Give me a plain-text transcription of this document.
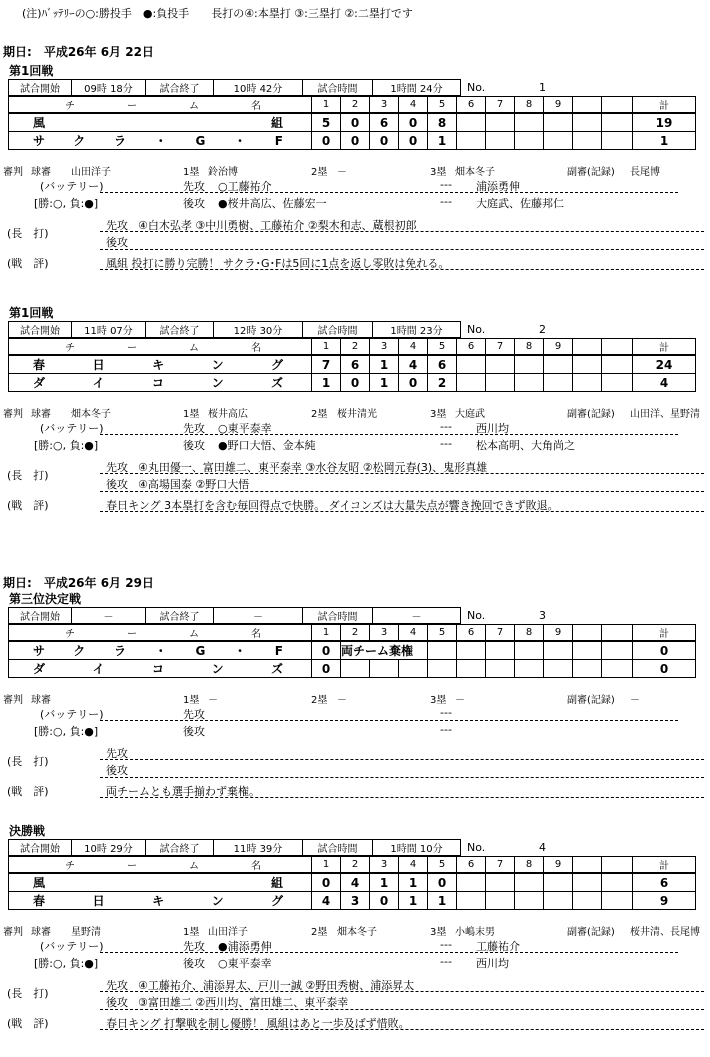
(注)ﾊﾞｯﾃﾘｰの○:勝投手　●:負投手　　長打の④:本塁打 ③:三塁打 ②:二塁打です
期日: 平成26年 6月 22日
期日: 平成26年 6月 29日
第1回戦
試合開始	09時 18分	試合終了	10時 42分	試合時間	1時間 24分	No.	1
チ ー ム 名	1	2	3	4	5	6	7	8	9			計
風 組	5	0	6	0	8							19
サクラ・G・F	0	0	0	0	1							1
審判 球審 山田洋子	1塁 鈴治博	2塁 －	3塁 畑本冬子	副審(記録) 長尾博
(バッテリー)	先攻 ○工藤祐介	--- 浦添勇伸
[勝:○, 負:●]	後攻 ●桜井高広、佐藤宏一	--- 大庭武、佐藤邦仁
(長　打)
先攻 ④白木弘孝 ③中川勇樹、工藤祐介 ②梨木和志、蔵根初郎
後攻
(戦　評)	風組 投打に勝り完勝！ サクラ･G･Fは5回に1点を返し零敗は免れる。
第1回戦
試合開始	11時 07分	試合終了	12時 30分	試合時間	1時間 23分	No.	2
チ ー ム 名	1	2	3	4	5	6	7	8	9			計
春日キング	7	6	1	4	6							24
ダイコンズ	1	0	1	0	2							4
審判 球審 畑本冬子	1塁 桜井高広	2塁 桜井清光	3塁 大庭武	副審(記録) 山田洋、星野清
(バッテリー)	先攻 ○東平泰幸	--- 西川均
[勝:○, 負:●]	後攻 ●野口大悟、金本純	--- 松本高明、大角尚之
(長　打)
先攻 ④丸田優一、富田雄二、東平泰幸 ③水谷友昭 ②松岡元春(3)、鬼形真雄
後攻 ④高場国泰 ②野口大悟
(戦　評)	春日キング 3本塁打を含む毎回得点で快勝。 ダイコンズは大量失点が響き挽回できず敗退。
第三位決定戦
試合開始	－	試合終了	－	試合時間	－	No.	3
チ ー ム 名	1	2	3	4	5	6	7	8	9			計
サクラ・G・F	0	両チーム棄権										0
ダイコンズ	0											0
審判 球審	1塁 －	2塁 －	3塁 －	副審(記録) －
(バッテリー)	先攻	---
[勝:○, 負:●]	後攻	---
(長　打)
先攻
後攻
(戦　評)	両チームとも選手揃わず棄権。
決勝戦
試合開始	10時 29分	試合終了	11時 39分	試合時間	1時間 10分	No.	4
チ ー ム 名	1	2	3	4	5	6	7	8	9			計
風 組	0	4	1	1	0							6
春日キング	4	3	0	1	1							9
審判 球審 星野清	1塁 山田洋子	2塁 畑本冬子	3塁 小嶋末男	副審(記録) 桜井清、長尾博
(バッテリー)	先攻 ●浦添勇伸	--- 工藤祐介
[勝:○, 負:●]	後攻 ○東平泰幸	--- 西川均
(長　打)
先攻 ④工藤祐介、浦添昇太、戸川一誠 ②野田秀樹、浦添昇太
後攻 ③富田雄二 ②西川均、富田雄二、東平泰幸
(戦　評)	春日キング 打撃戦を制し優勝！ 風組はあと一歩及ばず惜敗。
